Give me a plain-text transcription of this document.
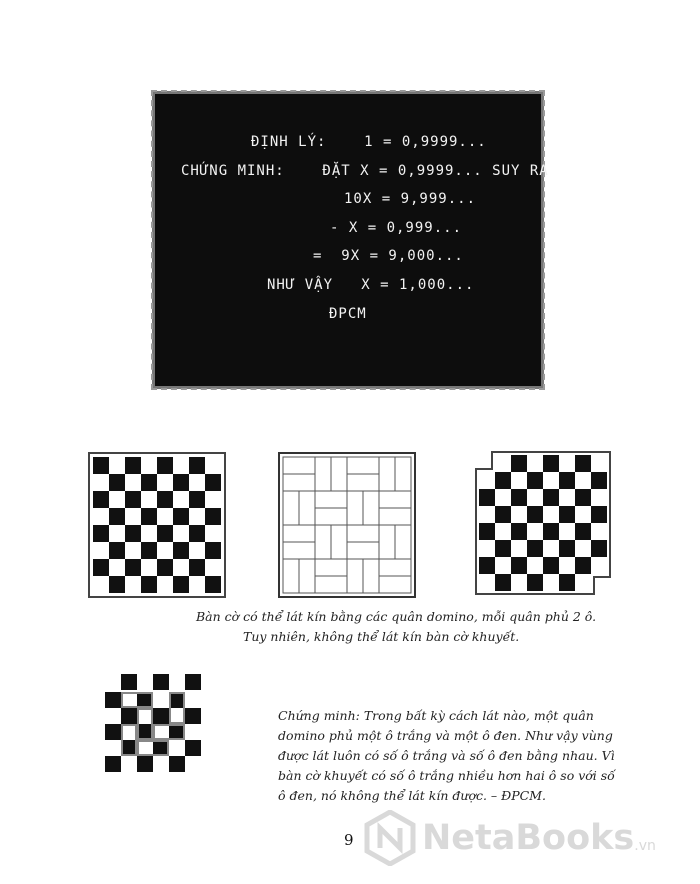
ĐỊNH LÝ:    1 = 0,9999...
CHỨNG MINH:    ĐẶT X = 0,9999... SUY RA
10X = 9,999...
- X = 0,999...
=  9X = 9,000...
NHƯ VẬY   X = 1,000...
ĐPCM
Bàn cờ có thể lát kín bằng các quân domino, mỗi quân phủ 2 ô.
Tuy nhiên, không thể lát kín bàn cờ khuyết.
Chứng minh: Trong bất kỳ cách lát nào, một quân domino phủ một ô trắng và một ô đen. Như vậy vùng được lát luôn có số ô trắng và số ô đen bằng nhau. Vì bàn cờ khuyết có số ô trắng nhiều hơn hai ô so với số ô đen, nó không thể lát kín được. – ĐPCM.
9 NetaBooks .vn
